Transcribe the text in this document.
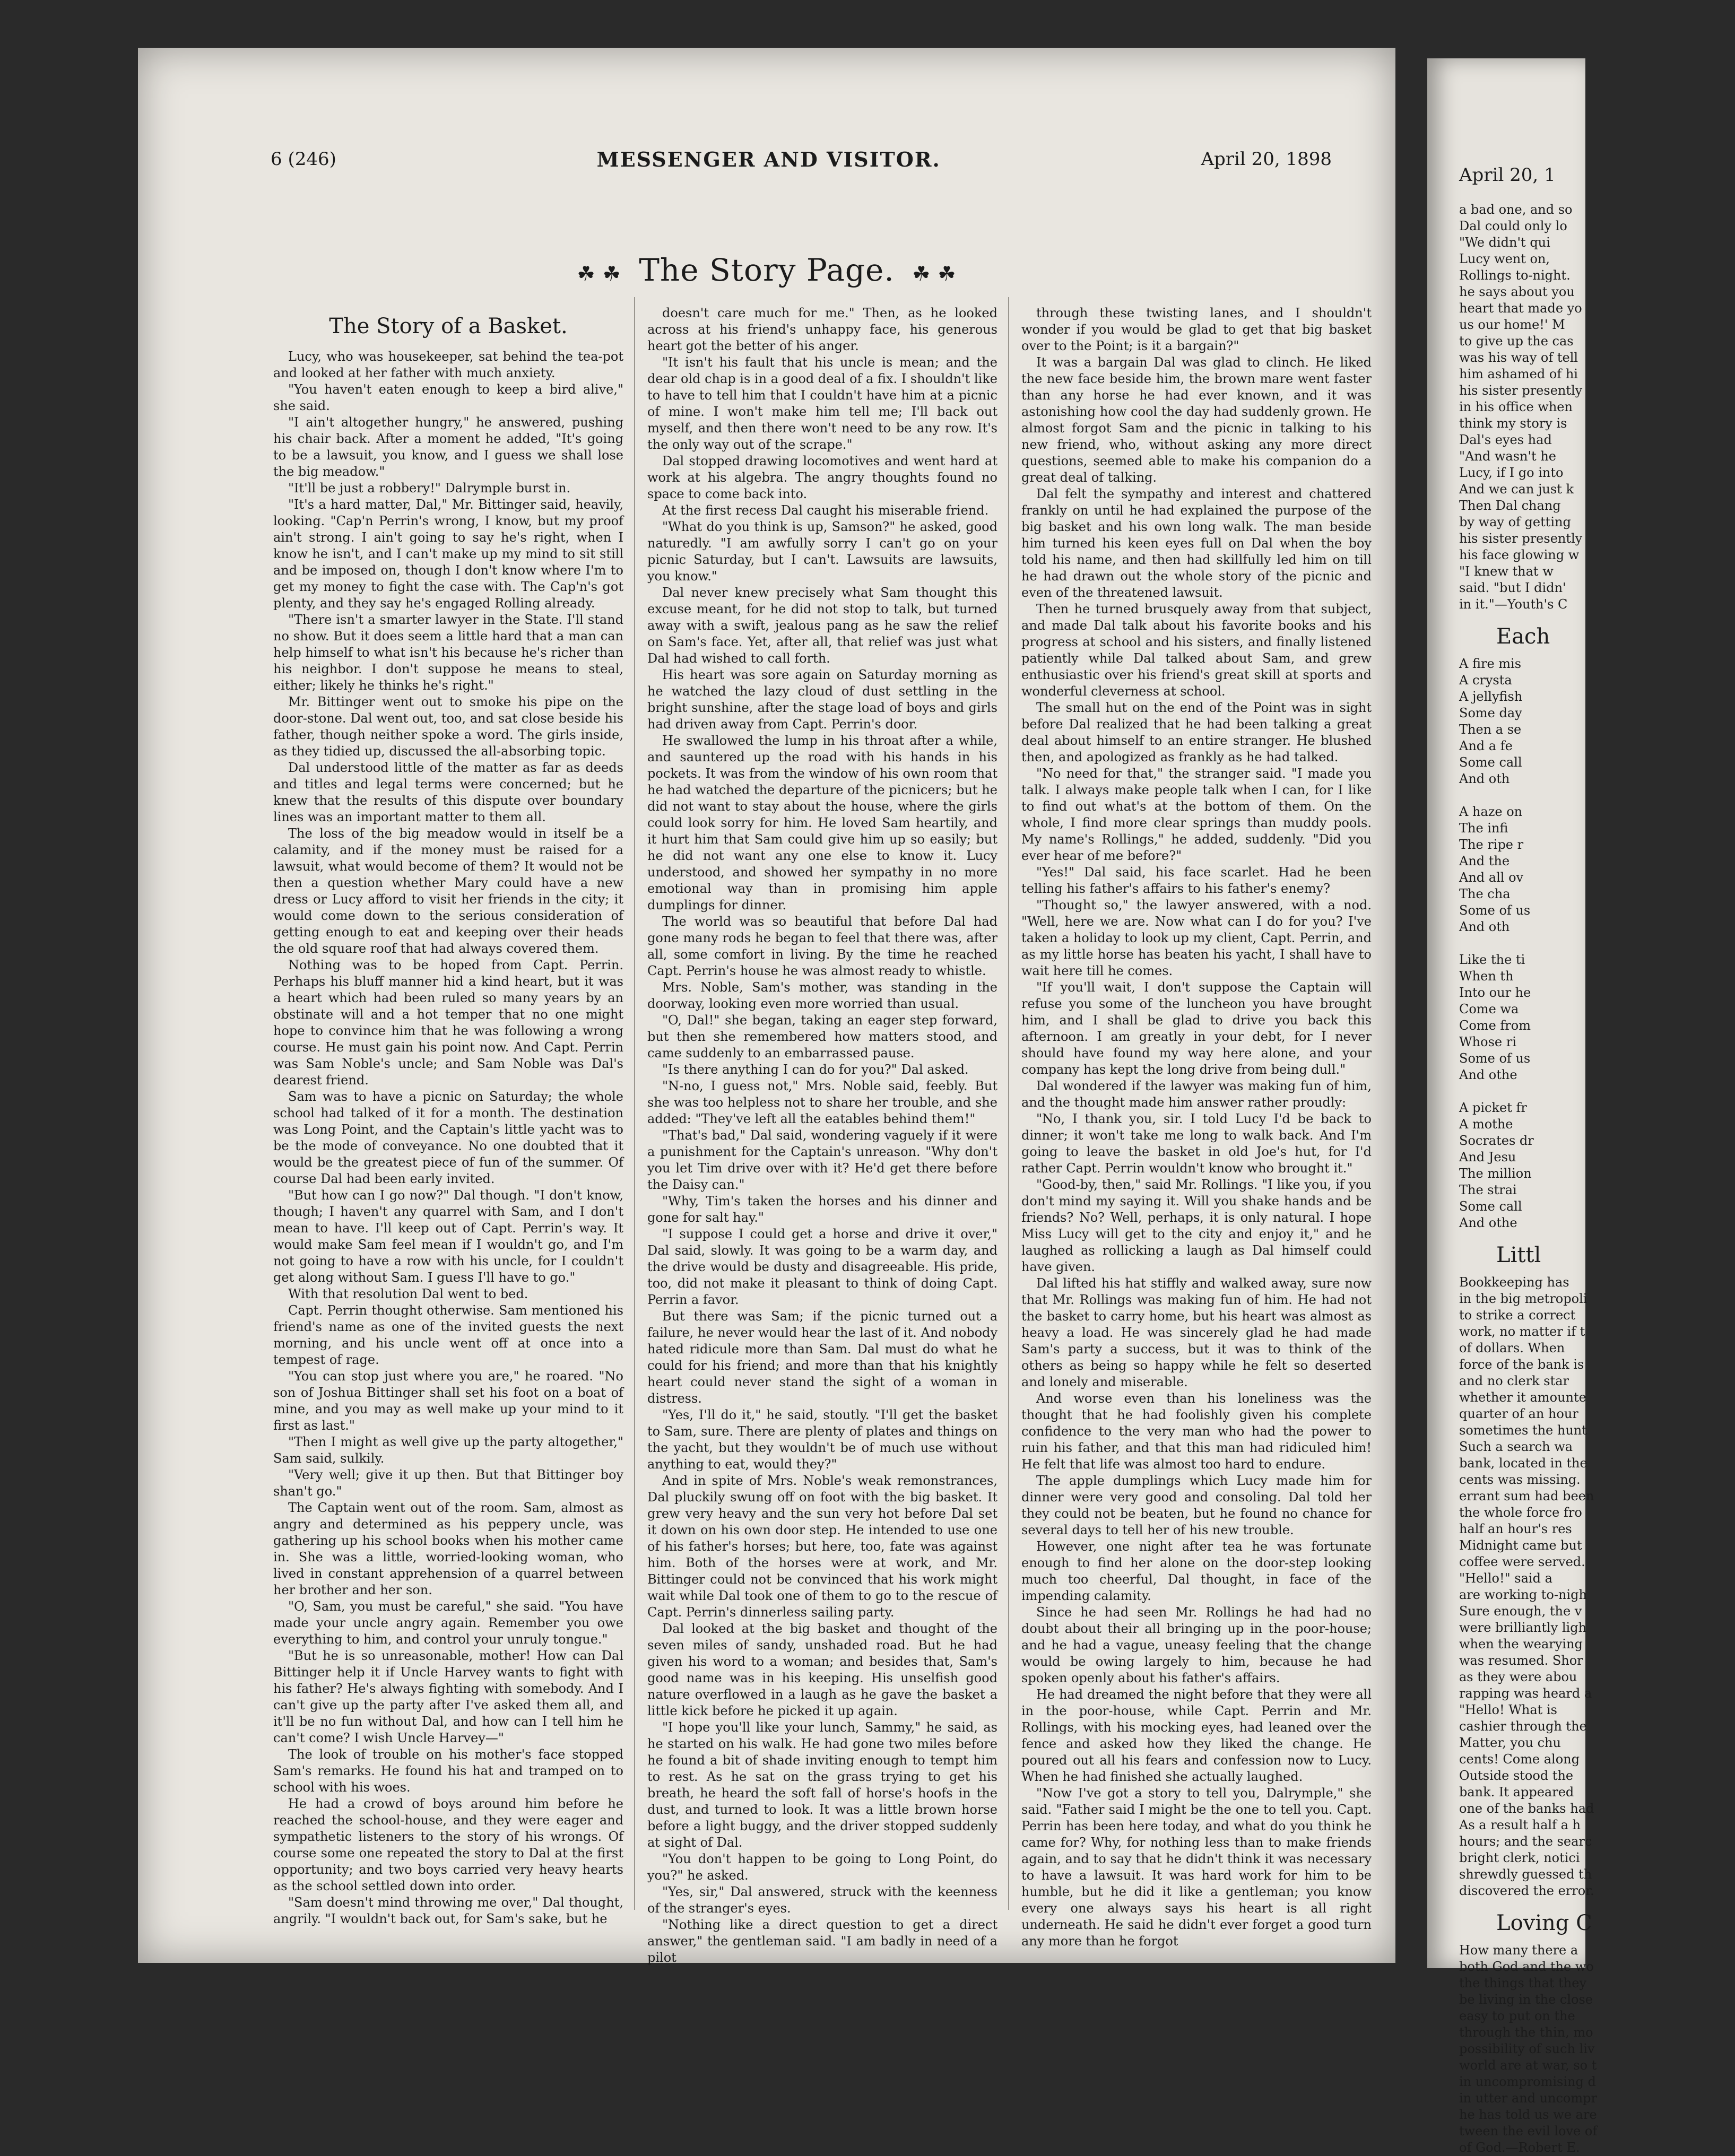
6 (246)	MESSENGER AND VISITOR.	April 20, 1898
☘ ☘ The Story Page. ☘ ☘
The Story of a Basket.

Lucy, who was housekeeper, sat behind the tea-pot and looked at her father with much anxiety.

"You haven't eaten enough to keep a bird alive," she said.

"I ain't altogether hungry," he answered, pushing his chair back. After a moment he added, "It's going to be a lawsuit, you know, and I guess we shall lose the big meadow."

"It'll be just a robbery!" Dalrymple burst in.

"It's a hard matter, Dal," Mr. Bittinger said, heavily, looking. "Cap'n Perrin's wrong, I know, but my proof ain't strong. I ain't going to say he's right, when I know he isn't, and I can't make up my mind to sit still and be imposed on, though I don't know where I'm to get my money to fight the case with. The Cap'n's got plenty, and they say he's engaged Rolling already.

"There isn't a smarter lawyer in the State. I'll stand no show. But it does seem a little hard that a man can help himself to what isn't his because he's richer than his neighbor. I don't suppose he means to steal, either; likely he thinks he's right."

Mr. Bittinger went out to smoke his pipe on the door-stone. Dal went out, too, and sat close beside his father, though neither spoke a word. The girls inside, as they tidied up, discussed the all-absorbing topic.

Dal understood little of the matter as far as deeds and titles and legal terms were concerned; but he knew that the results of this dispute over boundary lines was an important matter to them all.

The loss of the big meadow would in itself be a calamity, and if the money must be raised for a lawsuit, what would become of them? It would not be then a question whether Mary could have a new dress or Lucy afford to visit her friends in the city; it would come down to the serious consideration of getting enough to eat and keeping over their heads the old square roof that had always covered them.

Nothing was to be hoped from Capt. Perrin. Perhaps his bluff manner hid a kind heart, but it was a heart which had been ruled so many years by an obstinate will and a hot temper that no one might hope to convince him that he was following a wrong course. He must gain his point now. And Capt. Perrin was Sam Noble's uncle; and Sam Noble was Dal's dearest friend.

Sam was to have a picnic on Saturday; the whole school had talked of it for a month. The destination was Long Point, and the Captain's little yacht was to be the mode of conveyance. No one doubted that it would be the greatest piece of fun of the summer. Of course Dal had been early invited.

"But how can I go now?" Dal though. "I don't know, though; I haven't any quarrel with Sam, and I don't mean to have. I'll keep out of Capt. Perrin's way. It would make Sam feel mean if I wouldn't go, and I'm not going to have a row with his uncle, for I couldn't get along without Sam. I guess I'll have to go."

With that resolution Dal went to bed.

Capt. Perrin thought otherwise. Sam mentioned his friend's name as one of the invited guests the next morning, and his uncle went off at once into a tempest of rage.

"You can stop just where you are," he roared. "No son of Joshua Bittinger shall set his foot on a boat of mine, and you may as well make up your mind to it first as last."

"Then I might as well give up the party altogether," Sam said, sulkily.

"Very well; give it up then. But that Bittinger boy shan't go."

The Captain went out of the room. Sam, almost as angry and determined as his peppery uncle, was gathering up his school books when his mother came in. She was a little, worried-looking woman, who lived in constant apprehension of a quarrel between her brother and her son.

"O, Sam, you must be careful," she said. "You have made your uncle angry again. Remember you owe everything to him, and control your unruly tongue."

"But he is so unreasonable, mother! How can Dal Bittinger help it if Uncle Harvey wants to fight with his father? He's always fighting with somebody. And I can't give up the party after I've asked them all, and it'll be no fun without Dal, and how can I tell him he can't come? I wish Uncle Harvey—"

The look of trouble on his mother's face stopped Sam's remarks. He found his hat and tramped on to school with his woes.

He had a crowd of boys around him before he reached the school-house, and they were eager and sympathetic listeners to the story of his wrongs. Of course some one repeated the story to Dal at the first opportunity; and two boys carried very heavy hearts as the school settled down into order.

"Sam doesn't mind throwing me over," Dal thought, angrily. "I wouldn't back out, for Sam's sake, but he

doesn't care much for me." Then, as he looked across at his friend's unhappy face, his generous heart got the better of his anger.

"It isn't his fault that his uncle is mean; and the dear old chap is in a good deal of a fix. I shouldn't like to have to tell him that I couldn't have him at a picnic of mine. I won't make him tell me; I'll back out myself, and then there won't need to be any row. It's the only way out of the scrape."

Dal stopped drawing locomotives and went hard at work at his algebra. The angry thoughts found no space to come back into.

At the first recess Dal caught his miserable friend.

"What do you think is up, Samson?" he asked, good naturedly. "I am awfully sorry I can't go on your picnic Saturday, but I can't. Lawsuits are lawsuits, you know."

Dal never knew precisely what Sam thought this excuse meant, for he did not stop to talk, but turned away with a swift, jealous pang as he saw the relief on Sam's face. Yet, after all, that relief was just what Dal had wished to call forth.

His heart was sore again on Saturday morning as he watched the lazy cloud of dust settling in the bright sunshine, after the stage load of boys and girls had driven away from Capt. Perrin's door.

He swallowed the lump in his throat after a while, and sauntered up the road with his hands in his pockets. It was from the window of his own room that he had watched the departure of the picnicers; but he did not want to stay about the house, where the girls could look sorry for him. He loved Sam heartily, and it hurt him that Sam could give him up so easily; but he did not want any one else to know it. Lucy understood, and showed her sympathy in no more emotional way than in promising him apple dumplings for dinner.

The world was so beautiful that before Dal had gone many rods he began to feel that there was, after all, some comfort in living. By the time he reached Capt. Perrin's house he was almost ready to whistle.

Mrs. Noble, Sam's mother, was standing in the doorway, looking even more worried than usual.

"O, Dal!" she began, taking an eager step forward, but then she remembered how matters stood, and came suddenly to an embarrassed pause.

"Is there anything I can do for you?" Dal asked.

"N-no, I guess not," Mrs. Noble said, feebly. But she was too helpless not to share her trouble, and she added: "They've left all the eatables behind them!"

"That's bad," Dal said, wondering vaguely if it were a punishment for the Captain's unreason. "Why don't you let Tim drive over with it? He'd get there before the Daisy can."

"Why, Tim's taken the horses and his dinner and gone for salt hay."

"I suppose I could get a horse and drive it over," Dal said, slowly. It was going to be a warm day, and the drive would be dusty and disagreeable. His pride, too, did not make it pleasant to think of doing Capt. Perrin a favor.

But there was Sam; if the picnic turned out a failure, he never would hear the last of it. And nobody hated ridicule more than Sam. Dal must do what he could for his friend; and more than that his knightly heart could never stand the sight of a woman in distress.

"Yes, I'll do it," he said, stoutly. "I'll get the basket to Sam, sure. There are plenty of plates and things on the yacht, but they wouldn't be of much use without anything to eat, would they?"

And in spite of Mrs. Noble's weak remonstrances, Dal pluckily swung off on foot with the big basket. It grew very heavy and the sun very hot before Dal set it down on his own door step. He intended to use one of his father's horses; but here, too, fate was against him. Both of the horses were at work, and Mr. Bittinger could not be convinced that his work might wait while Dal took one of them to go to the rescue of Capt. Perrin's dinnerless sailing party.

Dal looked at the big basket and thought of the seven miles of sandy, unshaded road. But he had given his word to a woman; and besides that, Sam's good name was in his keeping. His unselfish good nature overflowed in a laugh as he gave the basket a little kick before he picked it up again.

"I hope you'll like your lunch, Sammy," he said, as he started on his walk. He had gone two miles before he found a bit of shade inviting enough to tempt him to rest. As he sat on the grass trying to get his breath, he heard the soft fall of horse's hoofs in the dust, and turned to look. It was a little brown horse before a light buggy, and the driver stopped suddenly at sight of Dal.

"You don't happen to be going to Long Point, do you?" he asked.

"Yes, sir," Dal answered, struck with the keenness of the stranger's eyes.

"Nothing like a direct question to get a direct answer," the gentleman said. "I am badly in need of a pilot

through these twisting lanes, and I shouldn't wonder if you would be glad to get that big basket over to the Point; is it a bargain?"

It was a bargain Dal was glad to clinch. He liked the new face beside him, the brown mare went faster than any horse he had ever known, and it was astonishing how cool the day had suddenly grown. He almost forgot Sam and the picnic in talking to his new friend, who, without asking any more direct questions, seemed able to make his companion do a great deal of talking.

Dal felt the sympathy and interest and chattered frankly on until he had explained the purpose of the big basket and his own long walk. The man beside him turned his keen eyes full on Dal when the boy told his name, and then had skillfully led him on till he had drawn out the whole story of the picnic and even of the threatened lawsuit.

Then he turned brusquely away from that subject, and made Dal talk about his favorite books and his progress at school and his sisters, and finally listened patiently while Dal talked about Sam, and grew enthusiastic over his friend's great skill at sports and wonderful cleverness at school.

The small hut on the end of the Point was in sight before Dal realized that he had been talking a great deal about himself to an entire stranger. He blushed then, and apologized as frankly as he had talked.

"No need for that," the stranger said. "I made you talk. I always make people talk when I can, for I like to find out what's at the bottom of them. On the whole, I find more clear springs than muddy pools. My name's Rollings," he added, suddenly. "Did you ever hear of me before?"

"Yes!" Dal said, his face scarlet. Had he been telling his father's affairs to his father's enemy?

"Thought so," the lawyer answered, with a nod. "Well, here we are. Now what can I do for you? I've taken a holiday to look up my client, Capt. Perrin, and as my little horse has beaten his yacht, I shall have to wait here till he comes.

"If you'll wait, I don't suppose the Captain will refuse you some of the luncheon you have brought him, and I shall be glad to drive you back this afternoon. I am greatly in your debt, for I never should have found my way here alone, and your company has kept the long drive from being dull."

Dal wondered if the lawyer was making fun of him, and the thought made him answer rather proudly:

"No, I thank you, sir. I told Lucy I'd be back to dinner; it won't take me long to walk back. And I'm going to leave the basket in old Joe's hut, for I'd rather Capt. Perrin wouldn't know who brought it."

"Good-by, then," said Mr. Rollings. "I like you, if you don't mind my saying it. Will you shake hands and be friends? No? Well, perhaps, it is only natural. I hope Miss Lucy will get to the city and enjoy it," and he laughed as rollicking a laugh as Dal himself could have given.

Dal lifted his hat stiffly and walked away, sure now that Mr. Rollings was making fun of him. He had not the basket to carry home, but his heart was almost as heavy a load. He was sincerely glad he had made Sam's party a success, but it was to think of the others as being so happy while he felt so deserted and lonely and miserable.

And worse even than his loneliness was the thought that he had foolishly given his complete confidence to the very man who had the power to ruin his father, and that this man had ridiculed him! He felt that life was almost too hard to endure.

The apple dumplings which Lucy made him for dinner were very good and consoling. Dal told her they could not be beaten, but he found no chance for several days to tell her of his new trouble.

However, one night after tea he was fortunate enough to find her alone on the door-step looking much too cheerful, Dal thought, in face of the impending calamity.

Since he had seen Mr. Rollings he had had no doubt about their all bringing up in the poor-house; and he had a vague, uneasy feeling that the change would be owing largely to him, because he had spoken openly about his father's affairs.

He had dreamed the night before that they were all in the poor-house, while Capt. Perrin and Mr. Rollings, with his mocking eyes, had leaned over the fence and asked how they liked the change. He poured out all his fears and confession now to Lucy. When he had finished she actually laughed.

"Now I've got a story to tell you, Dalrymple," she said. "Father said I might be the one to tell you. Capt. Perrin has been here today, and what do you think he came for? Why, for nothing less than to make friends again, and to say that he didn't think it was necessary to have a lawsuit. It was hard work for him to be humble, but he did it like a gentleman; you know every one always says his heart is all right underneath. He said he didn't ever forget a good turn any more than he forgot

April 20, 1

a bad one, and so

Dal could only lo

"We didn't qui

Lucy went on,

Rollings to-night.

he says about you

heart that made yo

us our home!' M

to give up the cas

was his way of tell

him ashamed of hi

his sister presently

in his office when

think my story is

Dal's eyes had

"And wasn't he

Lucy, if I go into

And we can just k

Then Dal chang

by way of getting

his sister presently

his face glowing w

"I knew that w

said. "but I didn'

in it."—Youth's C

Each

A fire mis

A crysta

A jellyfish

Some day

Then a se

And a fe

Some call

And oth

A haze on

The infi

The ripe r

And the

And all ov

The cha

Some of us

And oth

Like the ti

When th

Into our he

Come wa

Come from

Whose ri

Some of us

And othe

A picket fr

A mothe

Socrates dr

And Jesu

The million

The strai

Some call

And othe

Littl

Bookkeeping has

in the big metropoli

to strike a correct

work, no matter if t

of dollars. When

force of the bank is

and no clerk star

whether it amounte

quarter of an hour

sometimes the hunt

Such a search wa

bank, located in the

cents was missing.

errant sum had been

the whole force fro

half an hour's res

Midnight came but

coffee were served.

"Hello!" said a

are working to-nigh

Sure enough, the v

were brilliantly ligh

when the wearying

was resumed. Shor

as they were abou

rapping was heard a

"Hello! What is

cashier through the

Matter, you chu

cents! Come along

Outside stood the

bank. It appeared

one of the banks had

As a result half a h

hours; and the searc

bright clerk, notici

shrewdly guessed th

discovered the error.

Loving C

How many there a

both God and the wo

the things that they

be living in the close

easy to put on the

through the thin, mo

possibility of such liv

world are at war, so t

in uncompromising d

in utter and uncompr

he has told us we are

tween the evil love of

of God.—Robert E.
